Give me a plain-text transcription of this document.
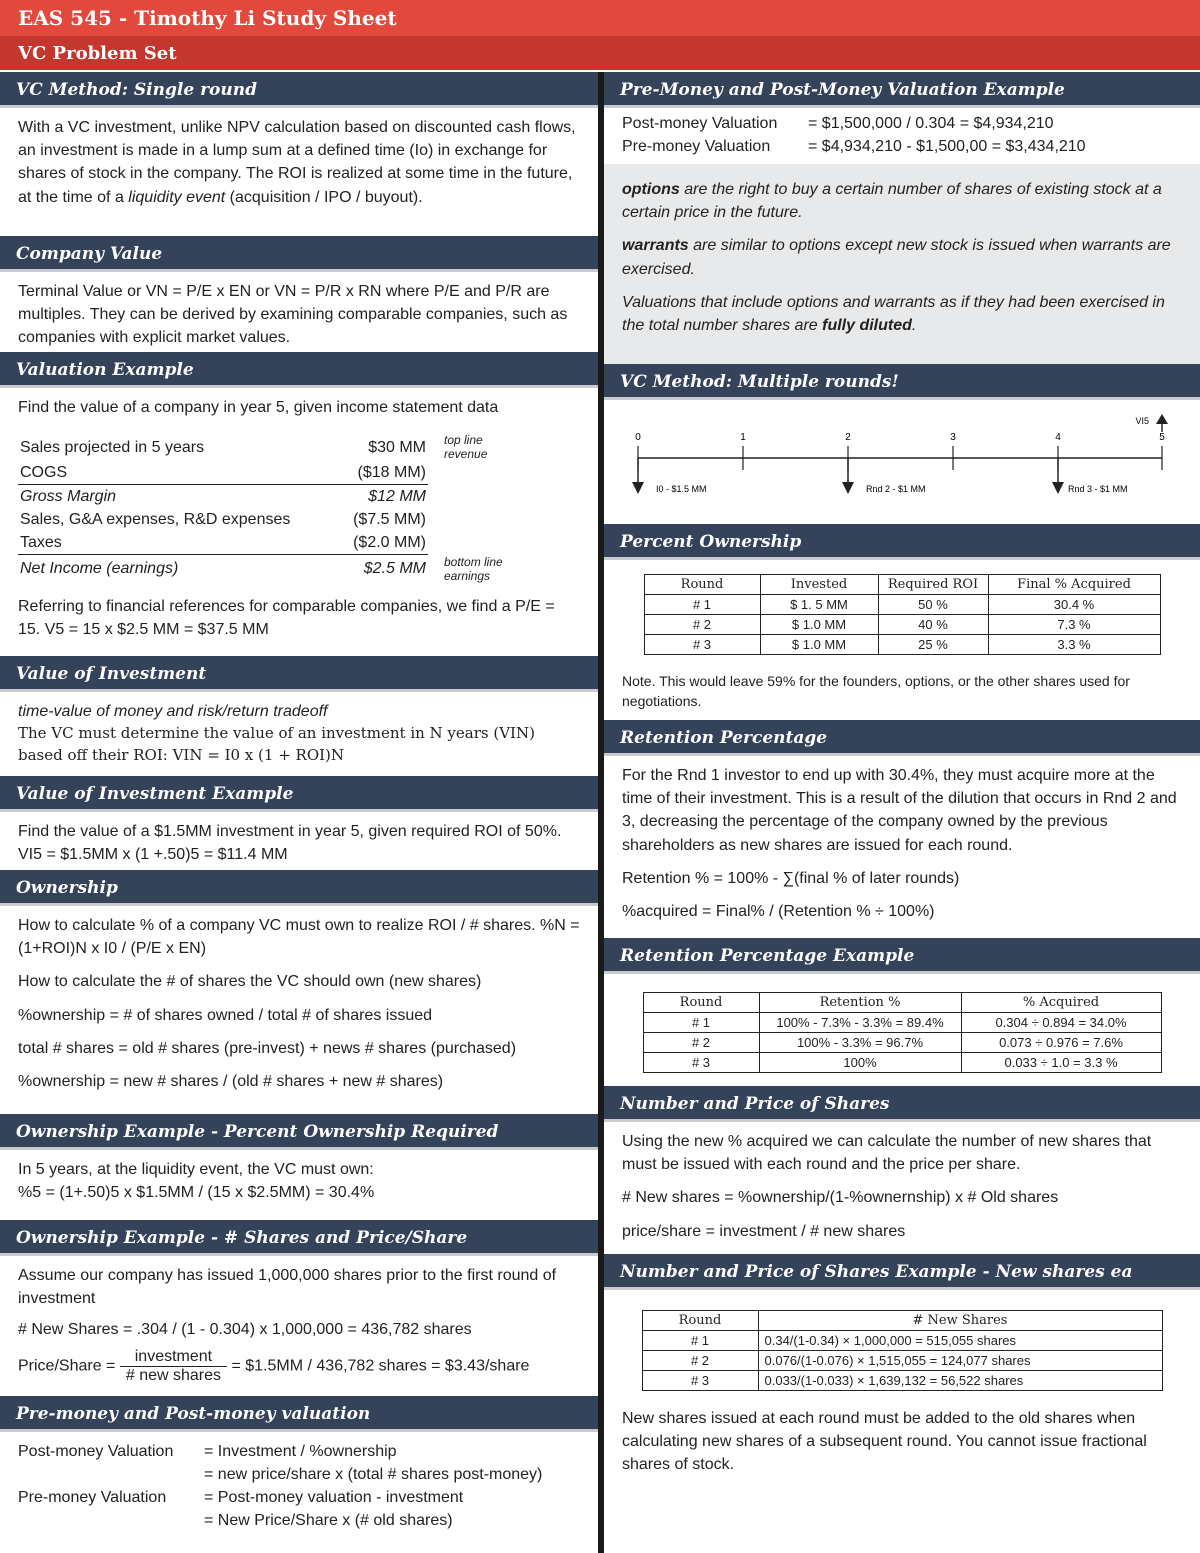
EAS 545 - Timothy Li Study Sheet
VC Problem Set
VC Method: Single round

With a VC investment, unlike NPV calculation based on discounted cash flows, an investment is made in a lump sum at a defined time (Io) in exchange for shares of stock in the company. The ROI is realized at some time in the future, at the time of a liquidity event (acquisition / IPO / buyout).

Company Value

Terminal Value or VN = P/E x EN or VN = P/R x RN where P/E and P/R are multiples. They can be derived by examining comparable companies, such as companies with explicit market values.

Valuation Example

Find the value of a company in year 5, given income statement data

Sales projected in 5 years	$30 MM	top line revenue
COGS	($18 MM)	
Gross Margin	$12 MM	
Sales, G&A expenses, R&D expenses	($7.5 MM)	
Taxes	($2.0 MM)	
Net Income (earnings)	$2.5 MM	bottom line earnings

Referring to financial references for comparable companies, we find a P/E = 15. V5 = 15 x $2.5 MM = $37.5 MM

Value of Investment

time-value of money and risk/return tradeoff

The VC must determine the value of an investment in N years (VIN) based off their ROI: VIN = I0 x (1 + ROI)N

Value of Investment Example

Find the value of a $1.5MM investment in year 5, given required ROI of 50%. VI5 = $1.5MM x (1 +.50)5 = $11.4 MM

Ownership

How to calculate % of a company VC must own to realize ROI / # shares. %N = (1+ROI)N x I0 / (P/E x EN)

How to calculate the # of shares the VC should own (new shares)

%ownership = # of shares owned / total # of shares issued

total # shares = old # shares (pre-invest) + news # shares (purchased)

%ownership = new # shares / (old # shares + new # shares)

Ownership Example - Percent Ownership Required

In 5 years, at the liquidity event, the VC must own:

%5 = (1+.50)5 x $1.5MM / (15 x $2.5MM) = 30.4%

Ownership Example - # Shares and Price/Share

Assume our company has issued 1,000,000 shares prior to the first round of investment

# New Shares = .304 / (1 - 0.304) x 1,000,000 = 436,782 shares

Price/Share = $\frac{\text{investment}}{\text{\# new shares}}$ = $1.5MM / 436,782 shares = $3.43/share
Pre-money and Post-money valuation
Post-money Valuation	= Investment / %ownership
= new price/share x (total # shares post-money)
Pre-money Valuation	= Post-money valuation - investment
= New Price/Share x (# old shares)
Pre-Money and Post-Money Valuation Example
Post-money Valuation	= $1,500,000 / 0.304 = $4,934,210
Pre-money Valuation	= $4,934,210 - $1,500,00 = $3,434,210

options are the right to buy a certain number of shares of existing stock at a certain price in the future.

warrants are similar to options except new stock is issued when warrants are exercised.

Valuations that include options and warrants as if they had been exercised in the total number shares are fully diluted.

VC Method: Multiple rounds!
0	1	2	3	4	5
VI5
I0 - $1.5 MM	Rnd 2 - $1 MM	Rnd 3 - $1 MM
Percent Ownership
Round	Invested	Required ROI	Final % Acquired
# 1	$ 1. 5 MM	50 %	30.4 %
# 2	$ 1.0 MM	40 %	7.3 %
# 3	$ 1.0 MM	25 %	3.3 %

Note. This would leave 59% for the founders, options, or the other shares used for negotiations.

Retention Percentage

For the Rnd 1 investor to end up with 30.4%, they must acquire more at the time of their investment. This is a result of the dilution that occurs in Rnd 2 and 3, decreasing the percentage of the company owned by the previous shareholders as new shares are issued for each round.

Retention % = 100% - ∑(final % of later rounds)

%acquired = Final% / (Retention % ÷ 100%)

Retention Percentage Example
Round	Retention %	% Acquired
# 1	100% - 7.3% - 3.3% = 89.4%	0.304 ÷ 0.894 = 34.0%
# 2	100% - 3.3% = 96.7%	0.073 ÷ 0.976 = 7.6%
# 3	100%	0.033 ÷ 1.0 = 3.3 %
Number and Price of Shares

Using the new % acquired we can calculate the number of new shares that must be issued with each round and the price per share.

# New shares = %ownership/(1-%ownernship) x # Old shares

price/share = investment / # new shares

Number and Price of Shares Example - New shares ea round
Round	# New Shares
# 1	0.34/(1-0.34) × 1,000,000 = 515,055 shares
# 2	0.076/(1-0.076) × 1,515,055 = 124,077 shares
# 3	0.033/(1-0.033) × 1,639,132 = 56,522 shares

New shares issued at each round must be added to the old shares when calculating new shares of a subsequent round. You cannot issue fractional shares of stock.
